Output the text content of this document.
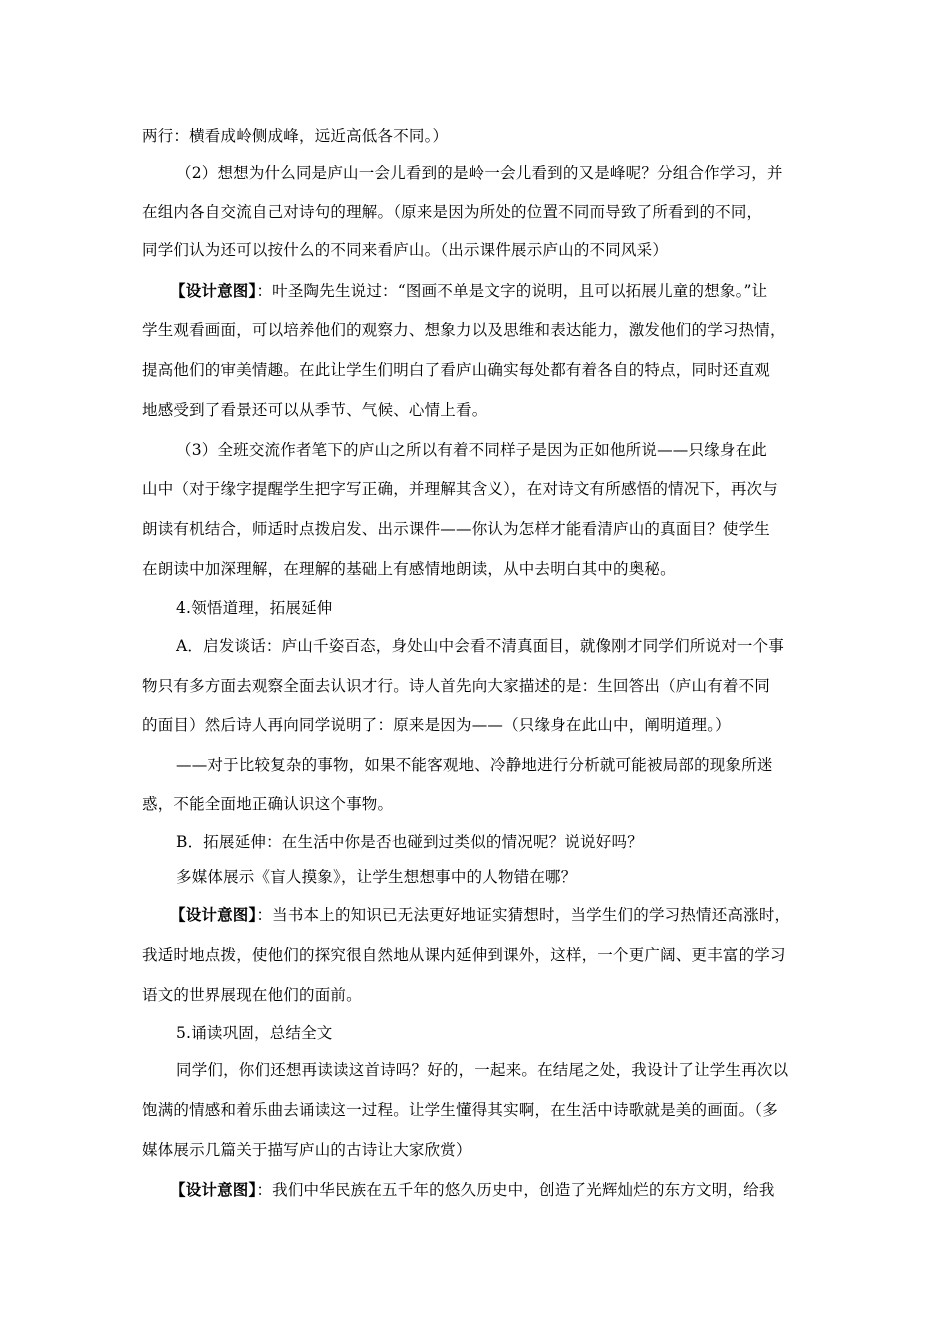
两行：横看成岭侧成峰，远近高低各不同。）
（2）想想为什么同是庐山一会儿看到的是岭一会儿看到的又是峰呢？分组合作学习，并
在组内各自交流自己对诗句的理解。（原来是因为所处的位置不同而导致了所看到的不同，
同学们认为还可以按什么的不同来看庐山。（出示课件展示庐山的不同风采）
【设计意图】：叶圣陶先生说过：“图画不单是文字的说明，且可以拓展儿童的想象。”让
学生观看画面，可以培养他们的观察力、想象力以及思维和表达能力，激发他们的学习热情，
提高他们的审美情趣。在此让学生们明白了看庐山确实每处都有着各自的特点，同时还直观
地感受到了看景还可以从季节、气候、心情上看。
（3）全班交流作者笔下的庐山之所以有着不同样子是因为正如他所说——只缘身在此
山中（对于缘字提醒学生把字写正确，并理解其含义），在对诗文有所感悟的情况下，再次与
朗读有机结合，师适时点拨启发、出示课件——你认为怎样才能看清庐山的真面目？使学生
在朗读中加深理解，在理解的基础上有感情地朗读，从中去明白其中的奥秘。
4.领悟道理，拓展延伸
A．启发谈话：庐山千姿百态，身处山中会看不清真面目，就像刚才同学们所说对一个事
物只有多方面去观察全面去认识才行。诗人首先向大家描述的是：生回答出（庐山有着不同
的面目）然后诗人再向同学说明了：原来是因为——（只缘身在此山中，阐明道理。）
——对于比较复杂的事物，如果不能客观地、冷静地进行分析就可能被局部的现象所迷
惑，不能全面地正确认识这个事物。
B．拓展延伸：在生活中你是否也碰到过类似的情况呢？说说好吗？
多媒体展示《盲人摸象》，让学生想想事中的人物错在哪？
【设计意图】：当书本上的知识已无法更好地证实猜想时，当学生们的学习热情还高涨时，
我适时地点拨，使他们的探究很自然地从课内延伸到课外，这样，一个更广阔、更丰富的学习
语文的世界展现在他们的面前。
5.诵读巩固，总结全文
同学们，你们还想再读读这首诗吗？好的，一起来。在结尾之处，我设计了让学生再次以
饱满的情感和着乐曲去诵读这一过程。让学生懂得其实啊，在生活中诗歌就是美的画面。（多
媒体展示几篇关于描写庐山的古诗让大家欣赏）
【设计意图】：我们中华民族在五千年的悠久历史中，创造了光辉灿烂的东方文明，给我
